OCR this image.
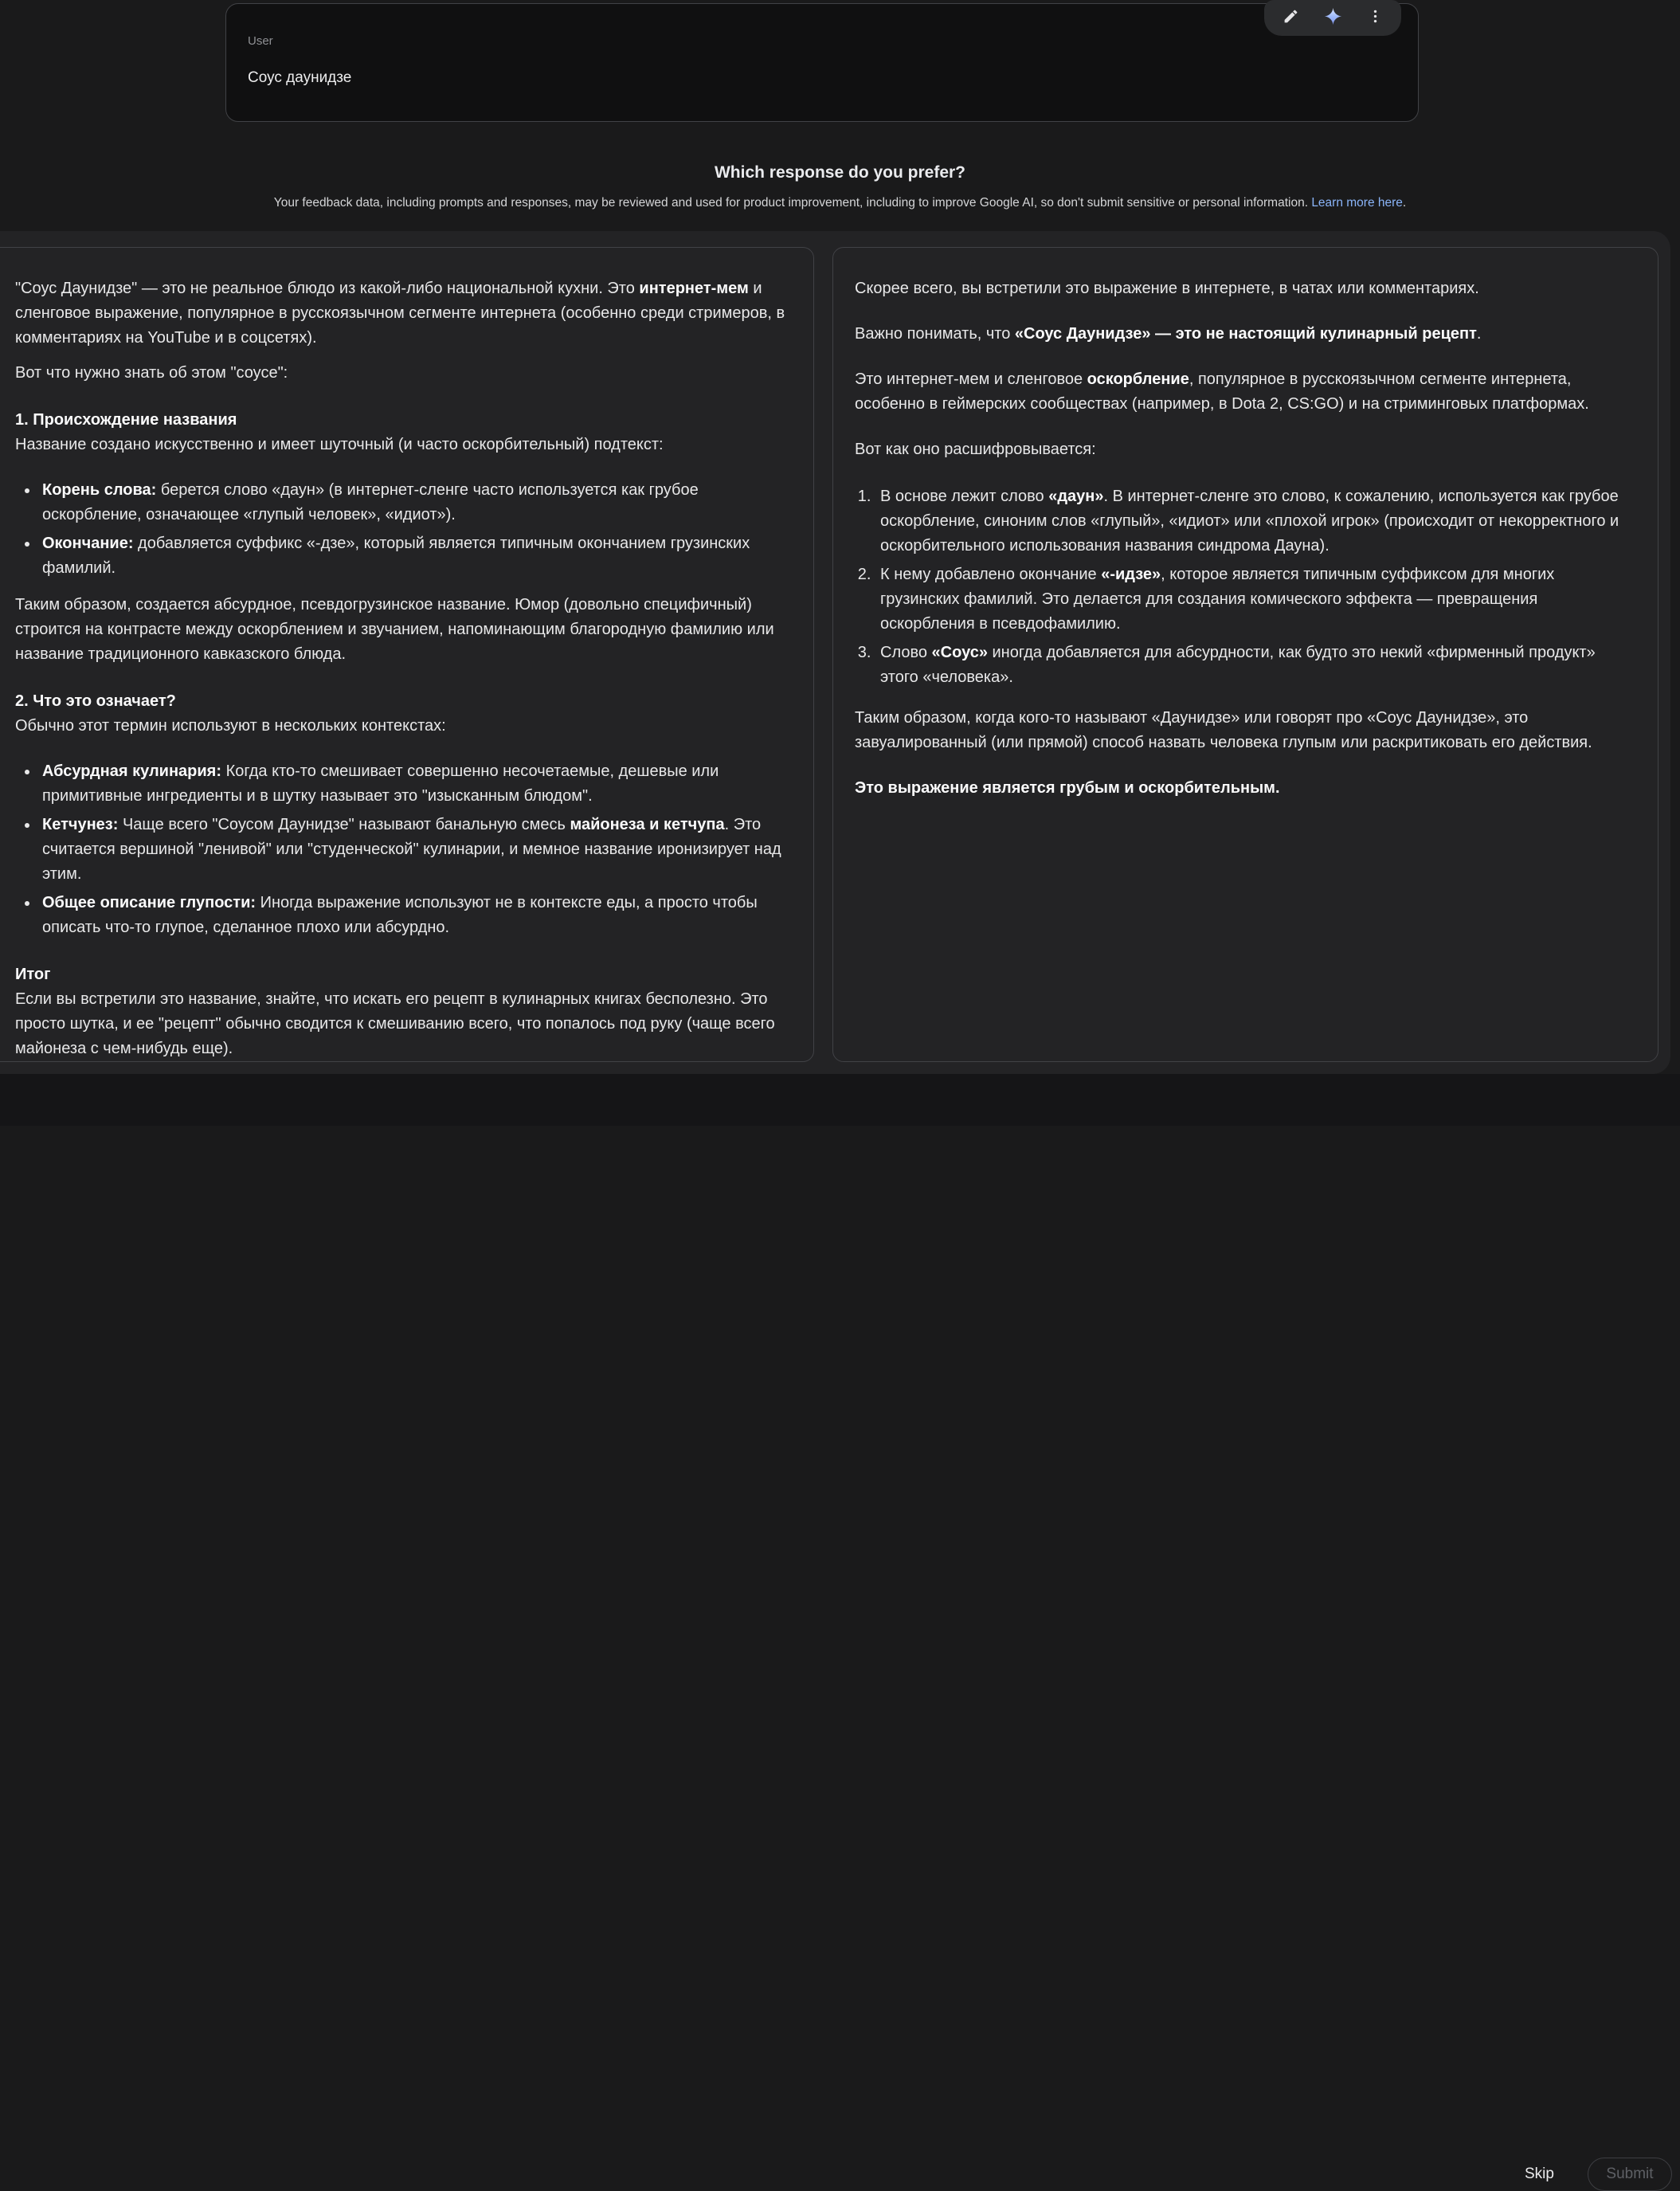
User
Соус даунидзе
Which response do you prefer?
Your feedback data, including prompts and responses, may be reviewed and used for product improvement, including to improve Google AI, so don't submit sensitive or personal information. Learn more here.

"Соус Даунидзе" — это не реальное блюдо из какой-либо национальной кухни. Это интернет-мем и сленговое выражение, популярное в русскоязычном сегменте интернета (особенно среди стримеров, в комментариях на YouTube и в соцсетях).

Вот что нужно знать об этом "соусе":

1. Происхождение названия

Название создано искусственно и имеет шуточный (и часто оскорбительный) подтекст:

• Корень слова: берется слово «даун» (в интернет-сленге часто используется как грубое оскорбление, означающее «глупый человек», «идиот»).
• Окончание: добавляется суффикс «-дзе», который является типичным окончанием грузинских фамилий.

Таким образом, создается абсурдное, псевдогрузинское название. Юмор (довольно специфичный) строится на контрасте между оскорблением и звучанием, напоминающим благородную фамилию или название традиционного кавказского блюда.

2. Что это означает?

Обычно этот термин используют в нескольких контекстах:

• Абсурдная кулинария: Когда кто-то смешивает совершенно несочетаемые, дешевые или примитивные ингредиенты и в шутку называет это "изысканным блюдом".
• Кетчунез: Чаще всего "Соусом Даунидзе" называют банальную смесь майонеза и кетчупа. Это считается вершиной "ленивой" или "студенческой" кулинарии, и мемное название иронизирует над этим.
• Общее описание глупости: Иногда выражение используют не в контексте еды, а просто чтобы описать что-то глупое, сделанное плохо или абсурдно.

Итог

Если вы встретили это название, знайте, что искать его рецепт в кулинарных книгах бесполезно. Это просто шутка, и ее "рецепт" обычно сводится к смешиванию всего, что попалось под руку (чаще всего майонеза с чем-нибудь еще).

Скорее всего, вы встретили это выражение в интернете, в чатах или комментариях.

Важно понимать, что «Соус Даунидзе» — это не настоящий кулинарный рецепт.

Это интернет-мем и сленговое оскорбление, популярное в русскоязычном сегменте интернета, особенно в геймерских сообществах (например, в Dota 2, CS:GO) и на стриминговых платформах.

Вот как оно расшифровывается:

1. В основе лежит слово «даун». В интернет-сленге это слово, к сожалению, используется как грубое оскорбление, синоним слов «глупый», «идиот» или «плохой игрок» (происходит от некорректного и оскорбительного использования названия синдрома Дауна).
2. К нему добавлено окончание «-идзе», которое является типичным суффиксом для многих грузинских фамилий. Это делается для создания комического эффекта — превращения оскорбления в псевдофамилию.
3. Слово «Соус» иногда добавляется для абсурдности, как будто это некий «фирменный продукт» этого «человека».

Таким образом, когда кого-то называют «Даунидзе» или говорят про «Соус Даунидзе», это завуалированный (или прямой) способ назвать человека глупым или раскритиковать его действия.

Это выражение является грубым и оскорбительным.

Skip	Submit
